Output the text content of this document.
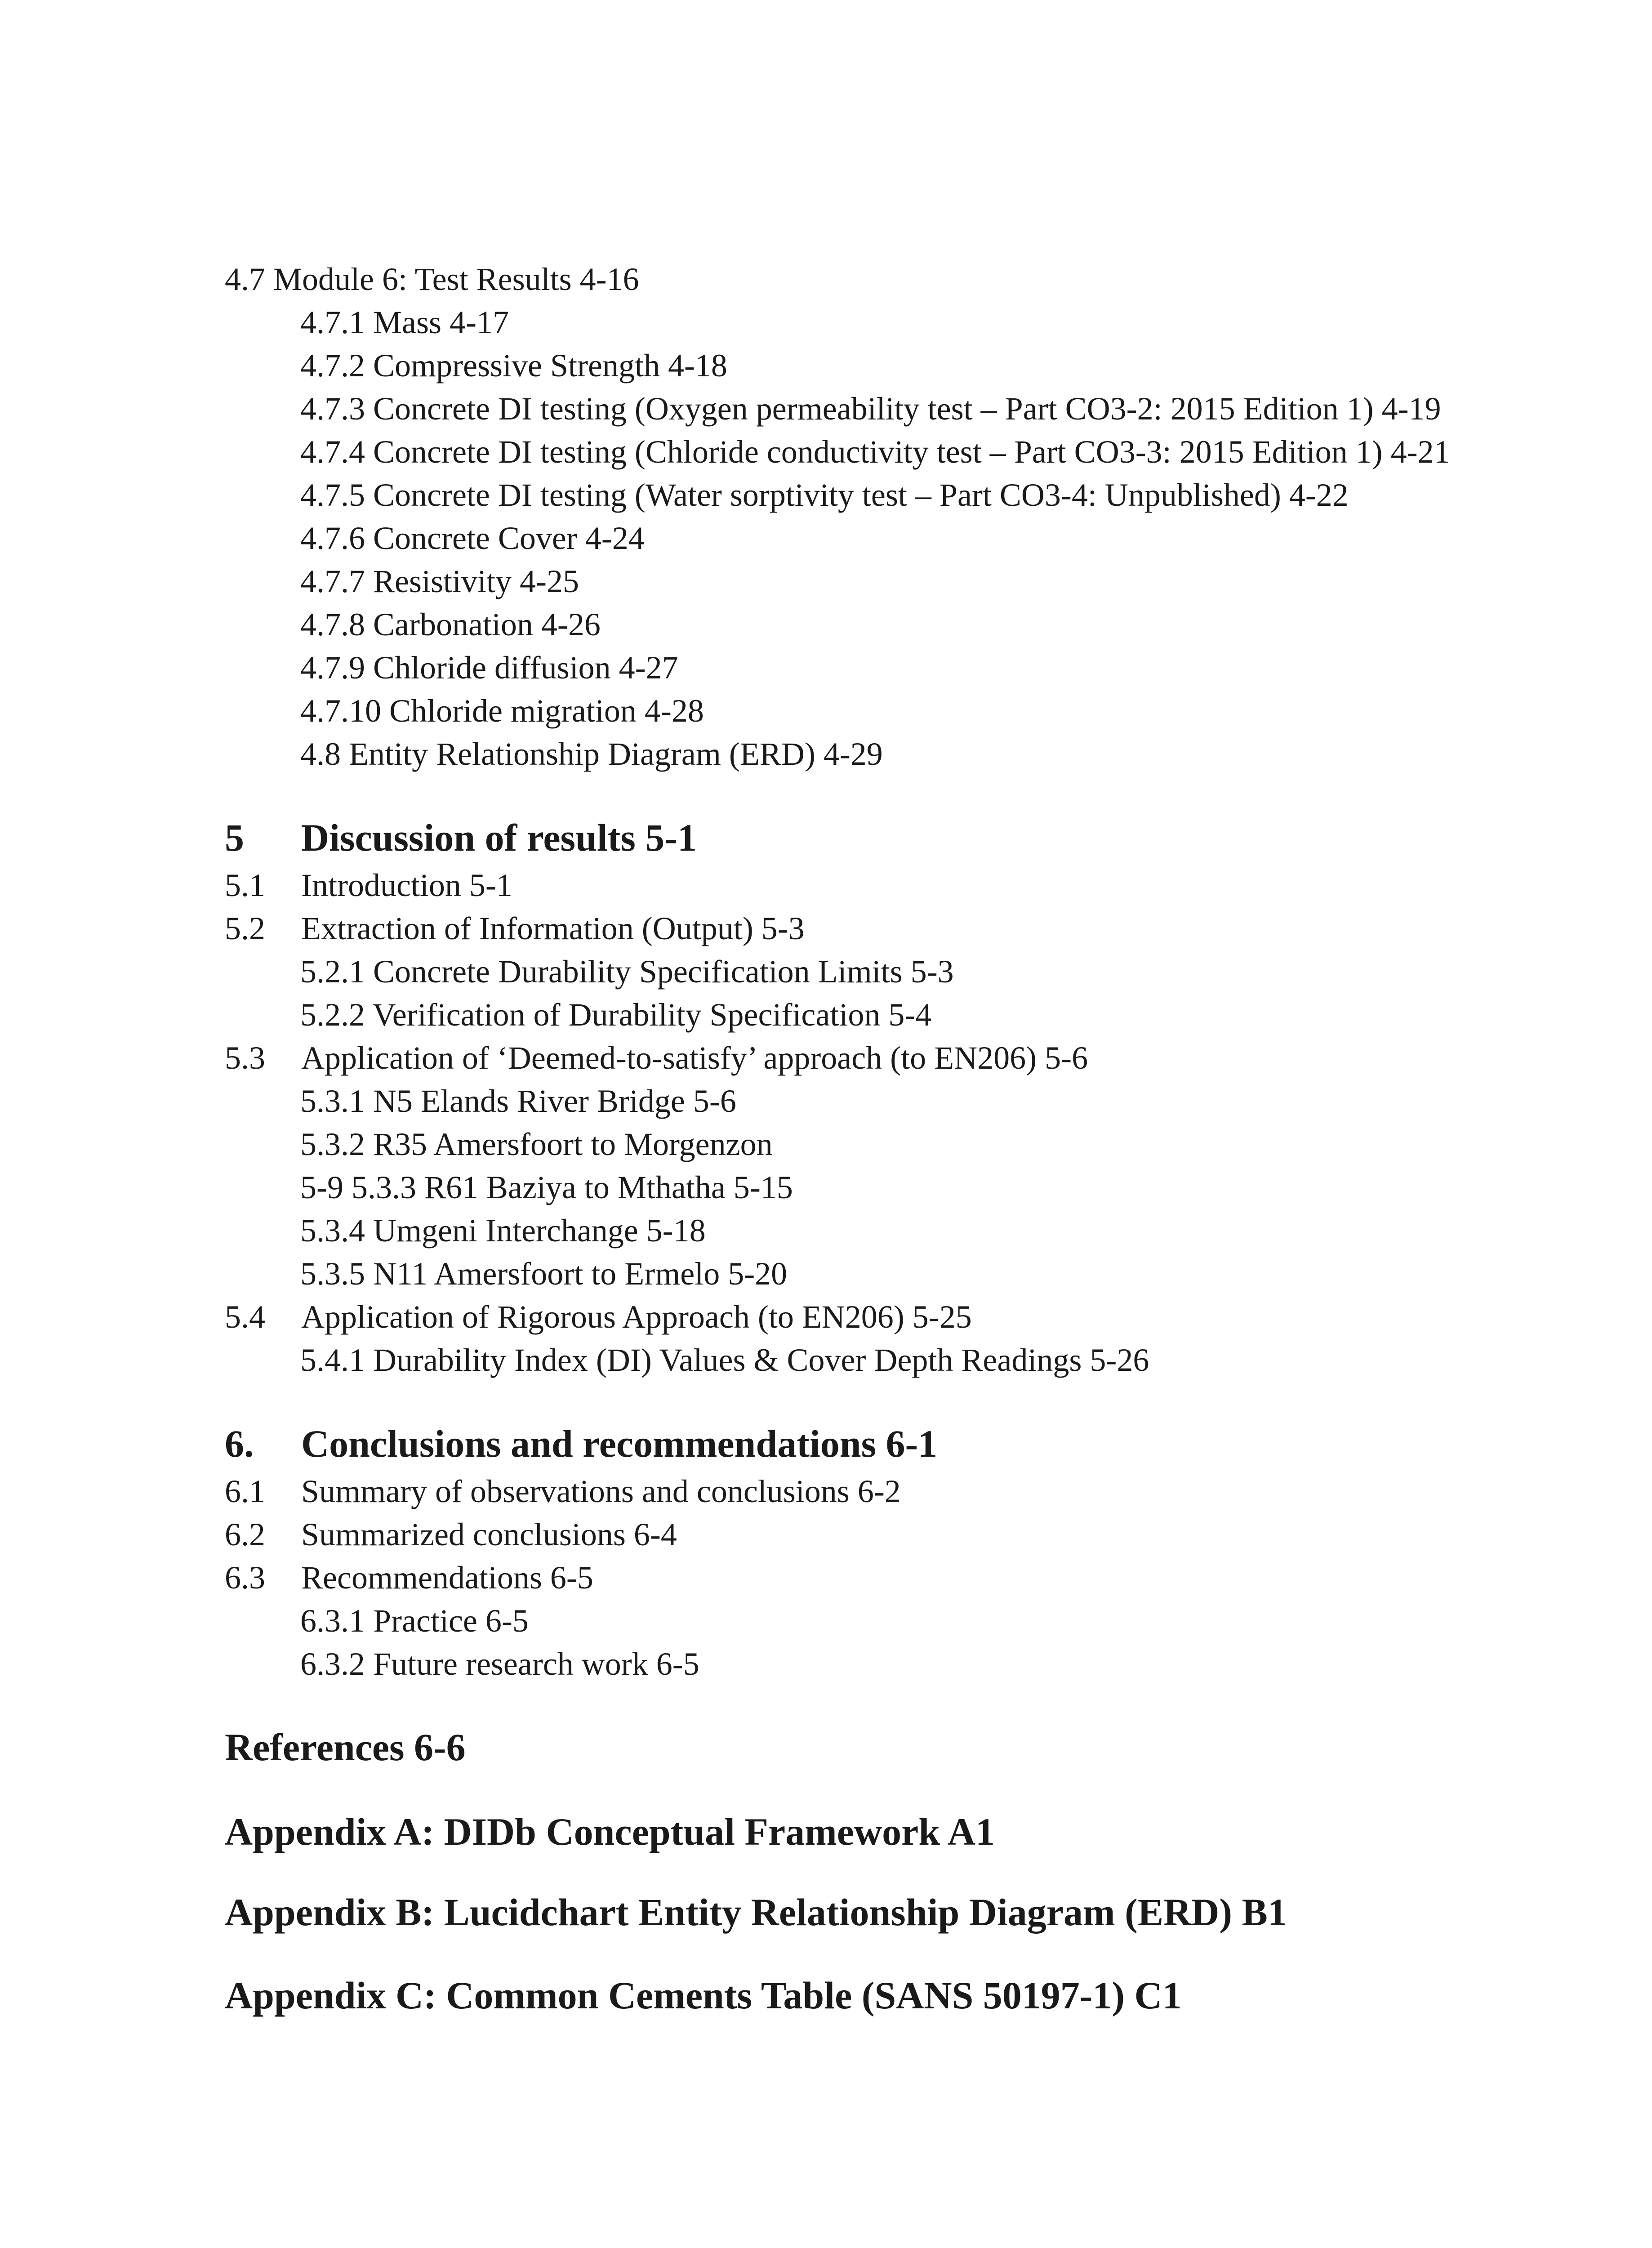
4.7 Module 6: Test Results 4-16
4.7.1 Mass 4-17
4.7.2 Compressive Strength 4-18
4.7.3 Concrete DI testing (Oxygen permeability test – Part CO3-2: 2015 Edition 1) 4-19
4.7.4 Concrete DI testing (Chloride conductivity test – Part CO3-3: 2015 Edition 1) 4-21
4.7.5 Concrete DI testing (Water sorptivity test – Part CO3-4: Unpublished) 4-22
4.7.6 Concrete Cover 4-24
4.7.7 Resistivity 4-25
4.7.8 Carbonation 4-26
4.7.9 Chloride diffusion 4-27
4.7.10 Chloride migration 4-28
4.8 Entity Relationship Diagram (ERD) 4-29
5 Discussion of results 5-1
5.1 Introduction 5-1
5.2 Extraction of Information (Output) 5-3
5.2.1 Concrete Durability Specification Limits 5-3
5.2.2 Verification of Durability Specification 5-4
5.3 Application of ‘Deemed-to-satisfy’ approach (to EN206) 5-6
5.3.1 N5 Elands River Bridge 5-6
5.3.2 R35 Amersfoort to Morgenzon
5-9 5.3.3 R61 Baziya to Mthatha 5-15
5.3.4 Umgeni Interchange 5-18
5.3.5 N11 Amersfoort to Ermelo 5-20
5.4 Application of Rigorous Approach (to EN206) 5-25
5.4.1 Durability Index (DI) Values & Cover Depth Readings 5-26
6. Conclusions and recommendations 6-1
6.1 Summary of observations and conclusions 6-2
6.2 Summarized conclusions 6-4
6.3 Recommendations 6-5
6.3.1 Practice 6-5
6.3.2 Future research work 6-5
References 6-6
Appendix A: DIDb Conceptual Framework A1
Appendix B: Lucidchart Entity Relationship Diagram (ERD) B1
Appendix C: Common Cements Table (SANS 50197-1) C1
